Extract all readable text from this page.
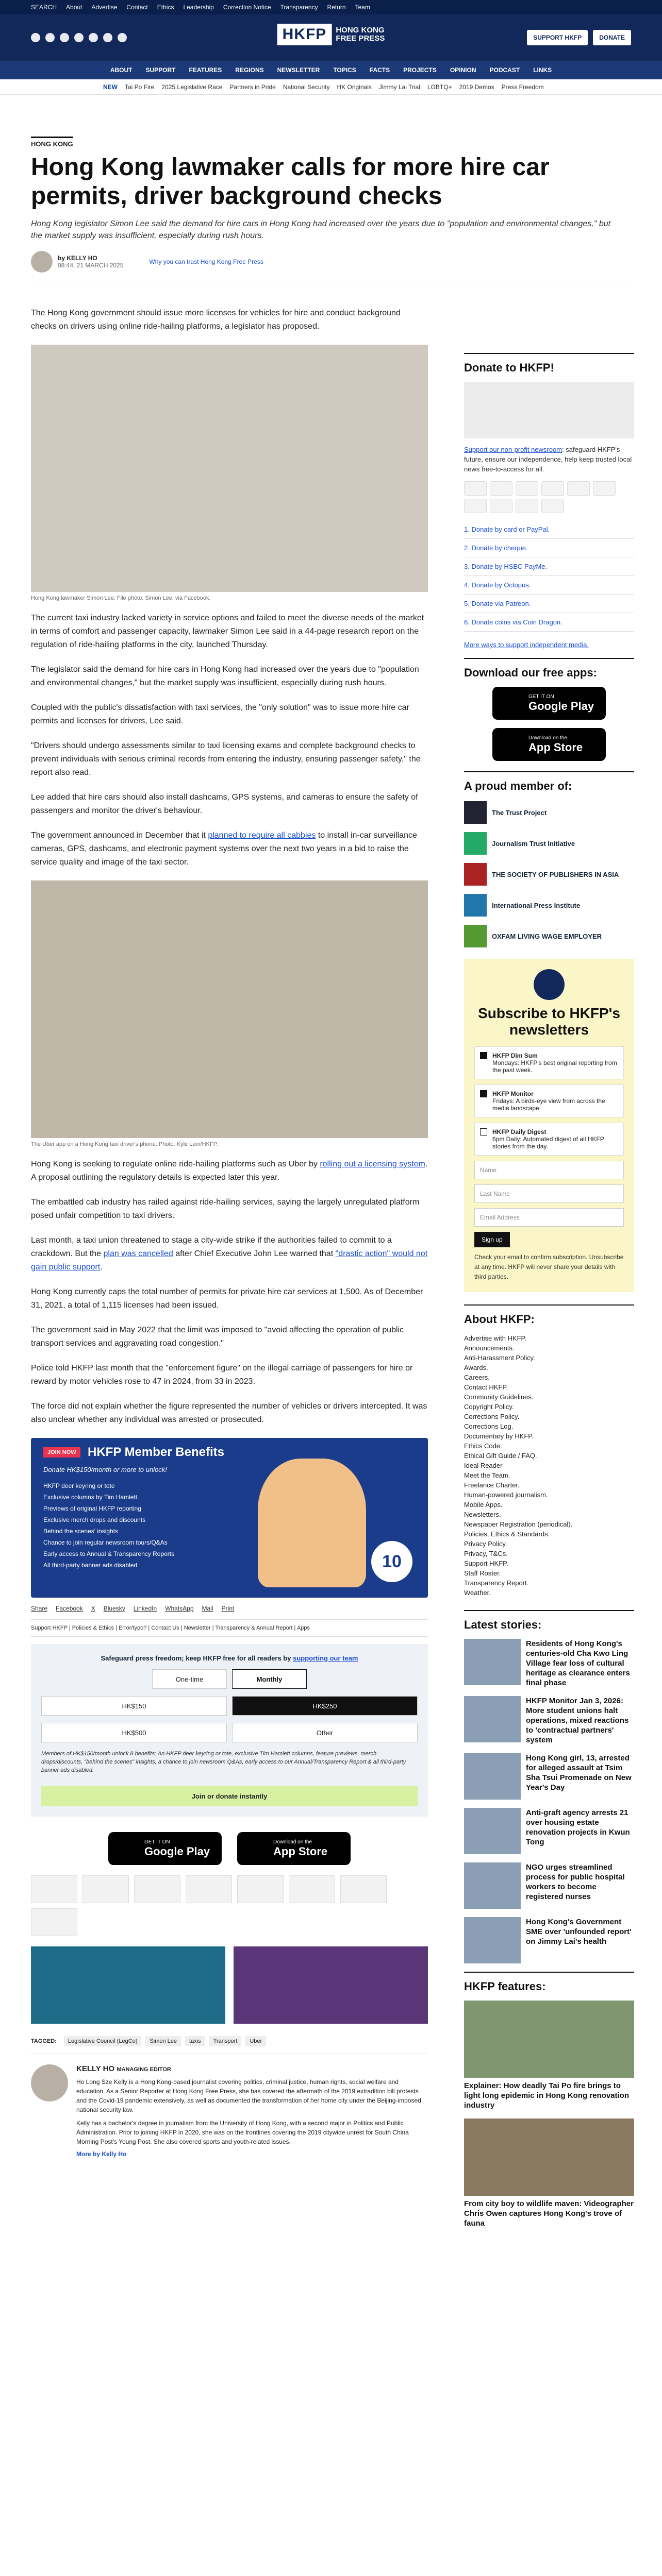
SEARCH About Advertise Contact Ethics Leadership Correction Notice Transparency Return Team
HKFP	HONG KONG
FREE PRESS	SUPPORT HKFP	DONATE
ABOUT SUPPORT FEATURES REGIONS NEWSLETTER TOPICS FACTS PROJECTS OPINION PODCAST LINKS
NEW Tai Po Fire 2025 Legislative Race Partners in Pride National Security HK Originals Jimmy Lai Trial LGBTQ+ 2019 Demos Press Freedom
HONG KONG
Hong Kong lawmaker calls for more hire car permits, driver background checks

Hong Kong legislator Simon Lee said the demand for hire cars in Hong Kong had increased over the years due to "population and environmental changes," but the market supply was insufficient, especially during rush hours.

by KELLY HO
08:44, 21 MARCH 2025	Why you can trust Hong Kong Free Press

The Hong Kong government should issue more licenses for vehicles for hire and conduct background checks on drivers using online ride-hailing platforms, a legislator has proposed.

Hong Kong lawmaker Simon Lee. File photo: Simon Lee, via Facebook.

The current taxi industry lacked variety in service options and failed to meet the diverse needs of the market in terms of comfort and passenger capacity, lawmaker Simon Lee said in a 44-page research report on the regulation of ride-hailing platforms in the city, launched Thursday.

The legislator said the demand for hire cars in Hong Kong had increased over the years due to "population and environmental changes," but the market supply was insufficient, especially during rush hours.

Coupled with the public's dissatisfaction with taxi services, the "only solution" was to issue more hire car permits and licenses for drivers, Lee said.

"Drivers should undergo assessments similar to taxi licensing exams and complete background checks to prevent individuals with serious criminal records from entering the industry, ensuring passenger safety," the report also read.

Lee added that hire cars should also install dashcams, GPS systems, and cameras to ensure the safety of passengers and monitor the driver's behaviour.

The government announced in December that it planned to require all cabbies to install in-car surveillance cameras, GPS, dashcams, and electronic payment systems over the next two years in a bid to raise the service quality and image of the taxi sector.

The Uber app on a Hong Kong taxi driver's phone. Photo: Kyle Lam/HKFP.

Hong Kong is seeking to regulate online ride-hailing platforms such as Uber by rolling out a licensing system. A proposal outlining the regulatory details is expected later this year.

The embattled cab industry has railed against ride-hailing services, saying the largely unregulated platform posed unfair competition to taxi drivers.

Last month, a taxi union threatened to stage a city-wide strike if the authorities failed to commit to a crackdown. But the plan was cancelled after Chief Executive John Lee warned that "drastic action" would not gain public support.

Hong Kong currently caps the total number of permits for private hire car services at 1,500. As of December 31, 2021, a total of 1,115 licenses had been issued.

The government said in May 2022 that the limit was imposed to "avoid affecting the operation of public transport services and aggravating road congestion."

Police told HKFP last month that the "enforcement figure" on the illegal carriage of passengers for hire or reward by motor vehicles rose to 47 in 2024, from 33 in 2023.

The force did not explain whether the figure represented the number of vehicles or drivers intercepted. It was also unclear whether any individual was arrested or prosecuted.

JOIN NOW HKFP Member Benefits
Donate HK$150/month or more to unlock!
HKFP deer keyring or tote
Exclusive columns by Tim Hamlett
Previews of original HKFP reporting
Exclusive merch drops and discounts
Behind the scenes' insights
Chance to join regular newsroom tours/Q&As
Early access to Annual & Transparency Reports
All third-party banner ads disabled	10
Share Facebook X Bluesky LinkedIn WhatsApp Mail Print
Support HKFP | Policies & Ethics | Error/typo? | Contact Us | Newsletter | Transparency & Annual Report | Apps
Safeguard press freedom; keep HKFP free for all readers by supporting our team
One-time	Monthly
HK$150	HK$250
HK$500	Other

Members of HK$150/month unlock 8 benefits: An HKFP deer keyring or tote, exclusive Tim Hamlett columns, feature previews, merch drops/discounts, "behind the scenes" insights, a chance to join newsroom Q&As, early access to our Annual/Transparency Report & all third-party banner ads disabled.

Join or donate instantly
GET IT ON
Google Play
Download on the
App Store
TAGGED:	Legislative Council (LegCo)	Simon Lee	taxis	Transport	Uber
KELLY HO MANAGING EDITOR

Ho Long Sze Kelly is a Hong Kong-based journalist covering politics, criminal justice, human rights, social welfare and education. As a Senior Reporter at Hong Kong Free Press, she has covered the aftermath of the 2019 extradition bill protests and the Covid-19 pandemic extensively, as well as documented the transformation of her home city under the Beijing-imposed national security law.

Kelly has a bachelor's degree in journalism from the University of Hong Kong, with a second major in Politics and Public Administration. Prior to joining HKFP in 2020, she was on the frontlines covering the 2019 citywide unrest for South China Morning Post's Young Post. She also covered sports and youth-related issues.

More by Kelly Ho
Donate to HKFP!

Support our non-profit newsroom: safeguard HKFP's future, ensure our independence, help keep trusted local news free-to-access for all.

1. Donate by card or PayPal.
2. Donate by cheque.
3. Donate by HSBC PayMe.
4. Donate by Octopus.
5. Donate via Patreon.
6. Donate coins via Coin Dragon.

More ways to support independent media.

Download our free apps:
GET IT ON
Google Play
Download on the
App Store
A proud member of:
The Trust Project
Journalism Trust Initiative
THE SOCIETY OF PUBLISHERS IN ASIA
International Press Institute
OXFAM LIVING WAGE EMPLOYER
Subscribe to HKFP's newsletters
HKFP Dim Sum
Mondays: HKFP's best original reporting from the past week.
HKFP Monitor
Fridays: A birds-eye view from across the media landscape.
HKFP Daily Digest
6pm Daily: Automated digest of all HKFP stories from the day.
Name
Last Name
Email Address
Sign up

Check your email to confirm subscription. Unsubscribe at any time. HKFP will never share your details with third parties.

About HKFP:
Advertise with HKFP.
Announcements.
Anti-Harassment Policy.
Awards.
Careers.
Contact HKFP.
Community Guidelines.
Copyright Policy.
Corrections Policy.
Corrections Log.
Documentary by HKFP.
Ethics Code.
Ethical Gift Guide / FAQ.
Ideal Reader
Meet the Team.
Freelance Charter.
Human-powered journalism.
Mobile Apps.
Newsletters.
Newspaper Registration (periodical).
Policies, Ethics & Standards.
Privacy Policy.
Privacy, T&Cs.
Support HKFP.
Staff Roster.
Transparency Report.
Weather.
Latest stories:
Residents of Hong Kong's centuries-old Cha Kwo Ling Village fear loss of cultural heritage as clearance enters final phase
HKFP Monitor Jan 3, 2026: More student unions halt operations, mixed reactions to 'contractual partners' system
Hong Kong girl, 13, arrested for alleged assault at Tsim Sha Tsui Promenade on New Year's Day
Anti-graft agency arrests 21 over housing estate renovation projects in Kwun Tong
NGO urges streamlined process for public hospital workers to become registered nurses
Hong Kong's Government SME over 'unfounded report' on Jimmy Lai's health
HKFP features:
Explainer: How deadly Tai Po fire brings to light long epidemic in Hong Kong renovation industry
From city boy to wildlife maven: Videographer Chris Owen captures Hong Kong's trove of fauna
